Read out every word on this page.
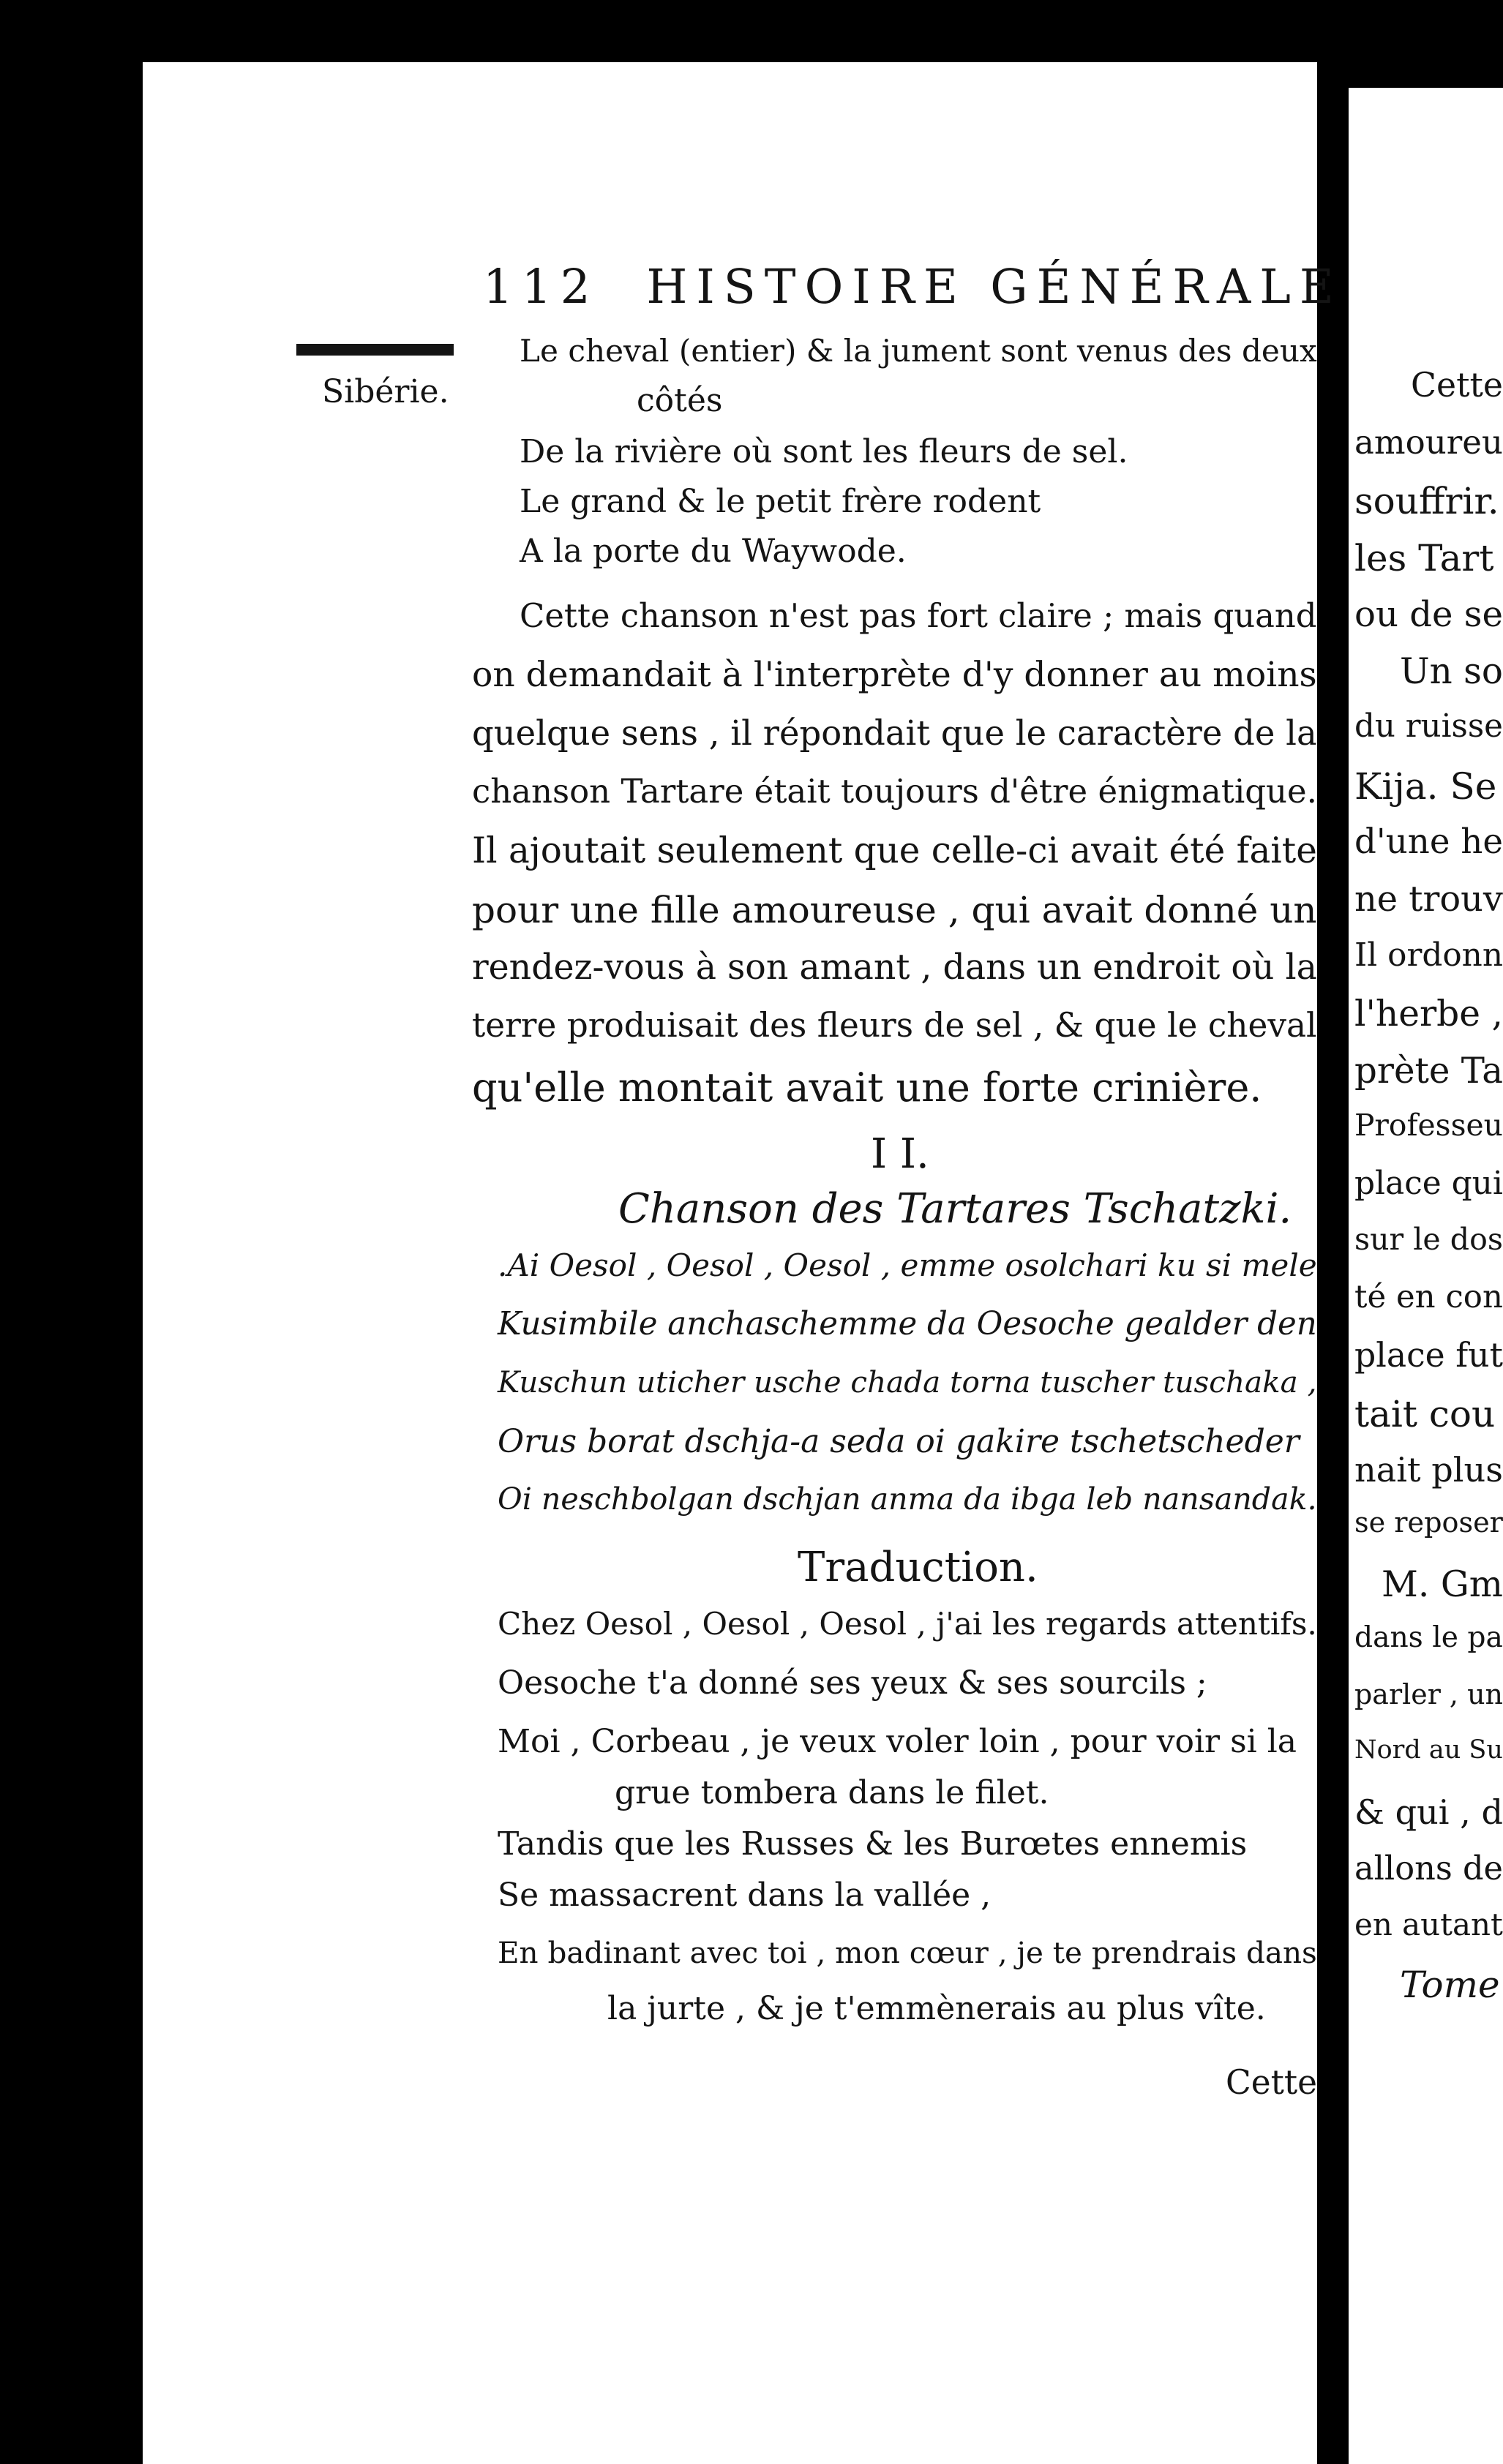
Cette
amoureu
souffrir.
les Tart
ou de se
Un so
du ruisse
Kija. Se
d'une he
ne trouv
Il ordonn
l'herbe ,
prète Ta
Professeu
place qui
sur le dos
té en con
place fut
tait cou
nait plus
se reposer
M. Gm
dans le pa
parler , un
Nord au Su
& qui , d
allons de
en autant
Tome
112 HISTOIRE GÉNÉRALE
Sibérie.
Le cheval (entier) & la jument sont venus des deux
côtés
De la rivière où sont les fleurs de sel.
Le grand & le petit frère rodent
A la porte du Waywode.
Cette chanson n'est pas fort claire ; mais quand
on demandait à l'interprète d'y donner au moins
quelque sens , il répondait que le caractère de la
chanson Tartare était toujours d'être énigmatique.
Il ajoutait seulement que celle-ci avait été faite
pour une fille amoureuse , qui avait donné un
rendez-vous à son amant , dans un endroit où la
terre produisait des fleurs de sel , & que le cheval
qu'elle montait avait une forte crinière.
I I.
Chanson des Tartares Tschatzki.
.Ai Oesol , Oesol , Oesol , emme osolchari ku si mele
Kusimbile anchaschemme da Oesoche gealder den
Kuschun uticher usche chada torna tuscher tuschaka ,
Orus borat dschja-a seda oi gakire tschetscheder
Oi neschbolgan dschjan anma da ibga leb nansandak.
Traduction.
Chez Oesol , Oesol , Oesol , j'ai les regards attentifs.
Oesoche t'a donné ses yeux & ses sourcils ;
Moi , Corbeau , je veux voler loin , pour voir si la
grue tombera dans le filet.
Tandis que les Russes & les Burœtes ennemis
Se massacrent dans la vallée ,
En badinant avec toi , mon cœur , je te prendrais dans
la jurte , & je t'emmènerais au plus vîte.
Cette
